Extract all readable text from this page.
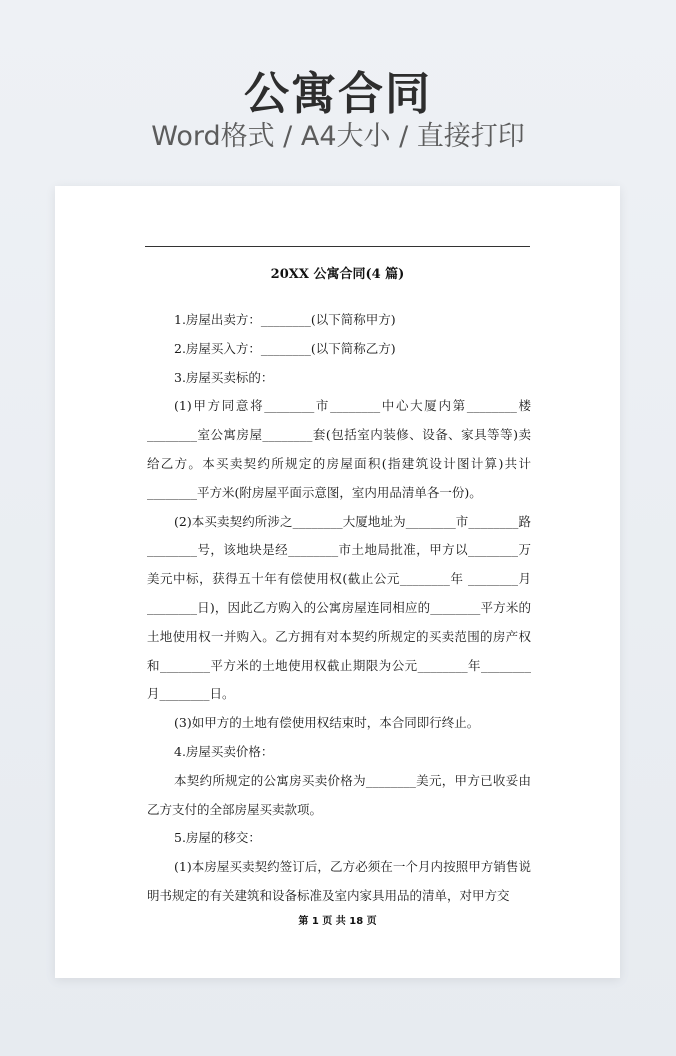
公寓合同
Word格式 / A4大小 / 直接打印
20XX 公寓合同(4 篇)

1.房屋出卖方：________(以下简称甲方)

2.房屋买入方：________(以下简称乙方)

3.房屋买卖标的：

(1)甲方同意将________市________中心大厦内第________楼________室公寓房屋________套(包括室内装修、设备、家具等等)卖给乙方。本买卖契约所规定的房屋面积(指建筑设计图计算)共计________平方米(附房屋平面示意图，室内用品清单各一份)。

(2)本买卖契约所涉之________大厦地址为________市________路________号，该地块是经________市土地局批准，甲方以________万美元中标，获得五十年有偿使用权(截止公元________年 ________月________日)，因此乙方购入的公寓房屋连同相应的________平方米的土地使用权一并购入。乙方拥有对本契约所规定的买卖范围的房产权和________平方米的土地使用权截止期限为公元________年________月________日。

(3)如甲方的土地有偿使用权结束时，本合同即行终止。

4.房屋买卖价格：

本契约所规定的公寓房买卖价格为________美元，甲方已收妥由乙方支付的全部房屋买卖款项。

5.房屋的移交：

(1)本房屋买卖契约签订后，乙方必须在一个月内按照甲方销售说明书规定的有关建筑和设备标准及室内家具用品的清单，对甲方交

第 1 页 共 18 页
